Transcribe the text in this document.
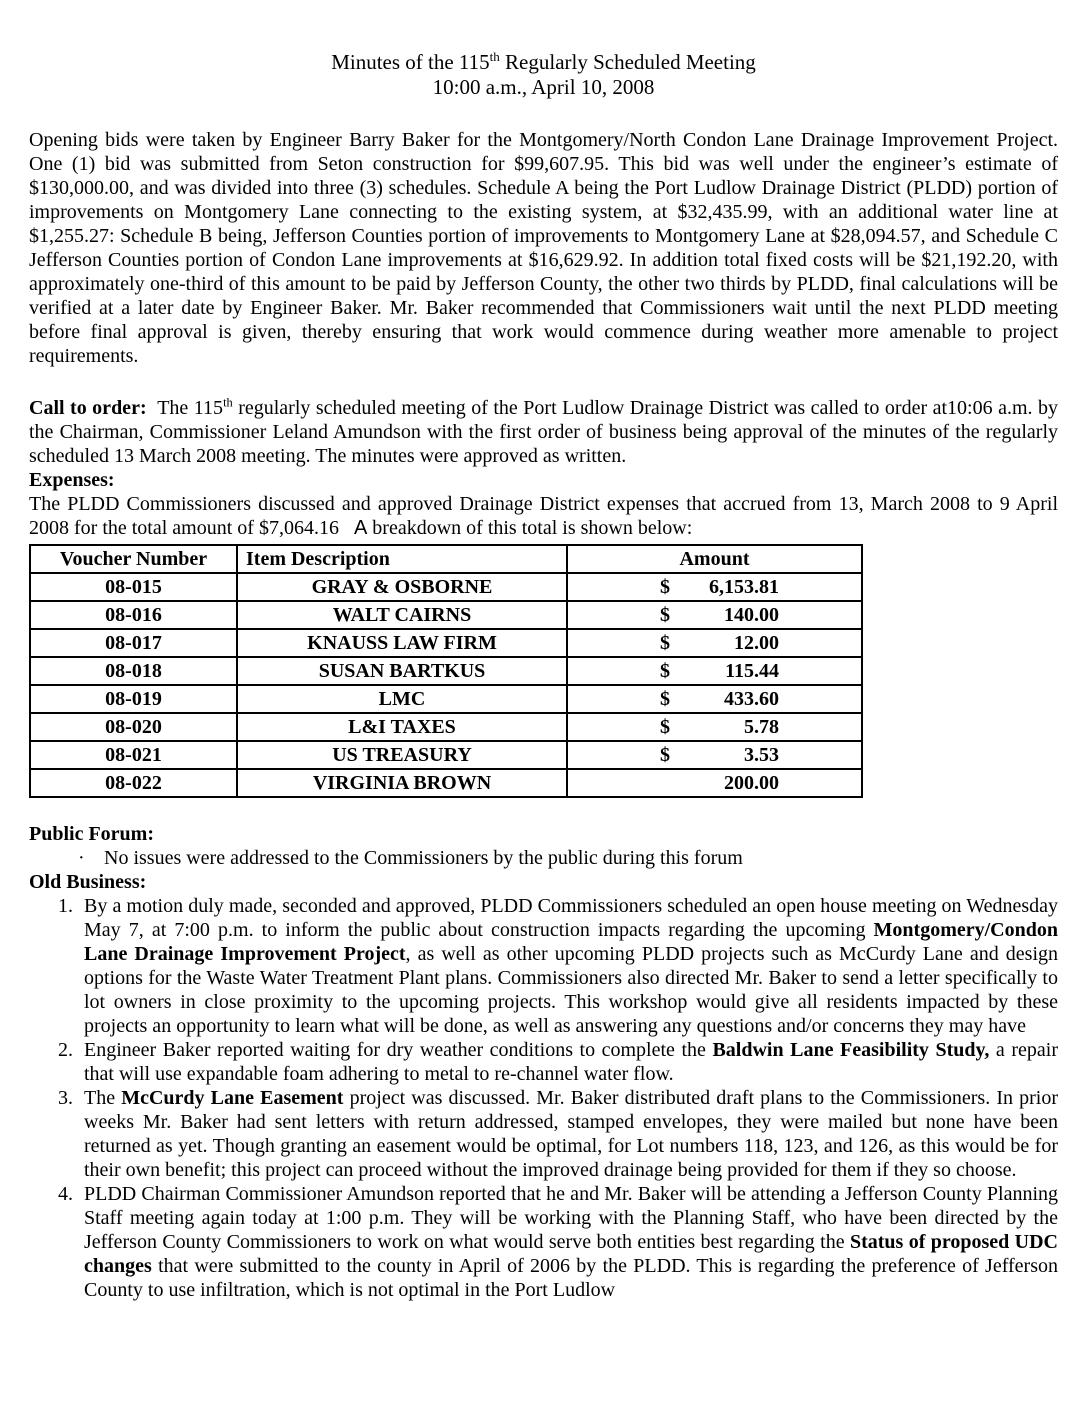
Minutes of the 115th Regularly Scheduled Meeting

10:00 a.m., April 10, 2008

Opening bids were taken by Engineer Barry Baker for the Montgomery/North Condon Lane Drainage Improvement Project. One (1) bid was submitted from Seton construction for $99,607.95. This bid was well under the engineer’s estimate of $130,000.00, and was divided into three (3) schedules. Schedule A being the Port Ludlow Drainage District (PLDD) portion of improvements on Montgomery Lane connecting to the existing system, at $32,435.99, with an additional water line at $1,255.27: Schedule B being, Jefferson Counties portion of improvements to Montgomery Lane at $28,094.57, and Schedule C Jefferson Counties portion of Condon Lane improvements at $16,629.92. In addition total fixed costs will be $21,192.20, with approximately one-third of this amount to be paid by Jefferson County, the other two thirds by PLDD, final calculations will be verified at a later date by Engineer Baker. Mr. Baker recommended that Commissioners wait until the next PLDD meeting before final approval is given, thereby ensuring that work would commence during weather more amenable to project requirements.

Call to order:  The 115th regularly scheduled meeting of the Port Ludlow Drainage District was called to order at10:06 a.m. by the Chairman, Commissioner Leland Amundson with the first order of business being approval of the minutes of the regularly scheduled 13 March 2008 meeting. The minutes were approved as written.

Expenses:

The PLDD Commissioners discussed and approved Drainage District expenses that accrued from 13, March 2008 to 9 April 2008 for the total amount of $7,064.16   A breakdown of this total is shown below:

Voucher Number	Item Description	Amount
08-015	GRAY & OSBORNE	$ 6,153.81

08-016	WALT CAIRNS	$ 140.00

08-017	KNAUSS LAW FIRM	$ 12.00

08-018	SUSAN BARTKUS	$ 115.44

08-019	LMC	$ 433.60

08-020	L&I TAXES	$ 5.78

08-021	US TREASURY	$ 3.53

08-022	VIRGINIA BROWN	200.00

Public Forum:

· No issues were addressed to the Commissioners by the public during this forum

Old Business:

1. By a motion duly made, seconded and approved, PLDD Commissioners scheduled an open house meeting on Wednesday May 7, at 7:00 p.m. to inform the public about construction impacts regarding the upcoming Montgomery/Condon Lane Drainage Improvement Project, as well as other upcoming PLDD projects such as McCurdy Lane and design options for the Waste Water Treatment Plant plans. Commissioners also directed Mr. Baker to send a letter specifically to lot owners in close proximity to the upcoming projects. This workshop would give all residents impacted by these projects an opportunity to learn what will be done, as well as answering any questions and/or concerns they may have
2. Engineer Baker reported waiting for dry weather conditions to complete the Baldwin Lane Feasibility Study, a repair that will use expandable foam adhering to metal to re-channel water flow.
3. The McCurdy Lane Easement project was discussed. Mr. Baker distributed draft plans to the Commissioners. In prior weeks Mr. Baker had sent letters with return addressed, stamped envelopes, they were mailed but none have been returned as yet. Though granting an easement would be optimal, for Lot numbers 118, 123, and 126, as this would be for their own benefit; this project can proceed without the improved drainage being provided for them if they so choose.
4. PLDD Chairman Commissioner Amundson reported that he and Mr. Baker will be attending a Jefferson County Planning Staff meeting again today at 1:00 p.m. They will be working with the Planning Staff, who have been directed by the Jefferson County Commissioners to work on what would serve both entities best regarding the Status of proposed UDC changes that were submitted to the county in April of 2006 by the PLDD. This is regarding the preference of Jefferson County to use infiltration, which is not optimal in the Port Ludlow
